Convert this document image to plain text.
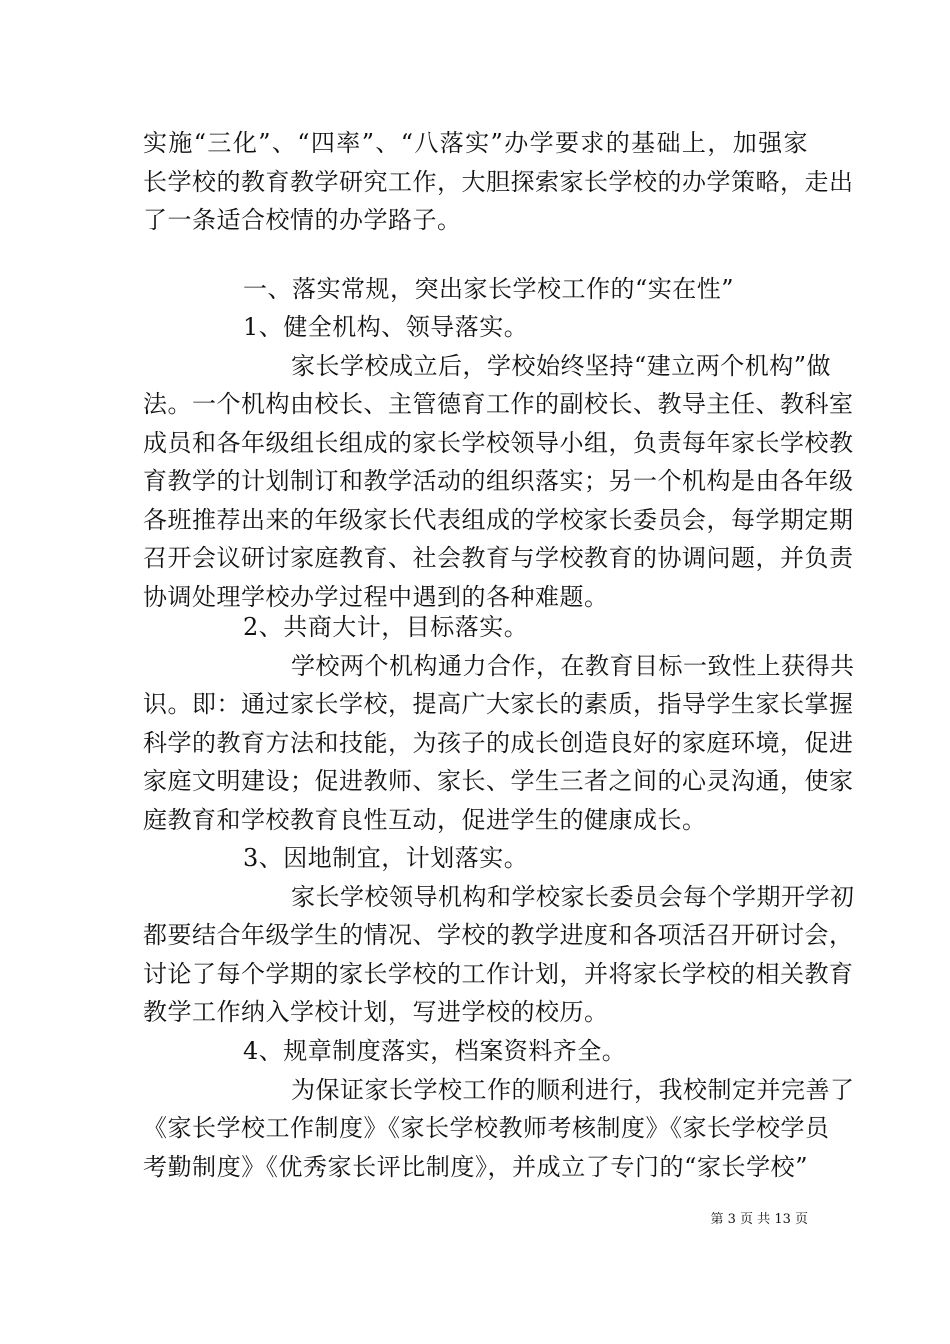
实施“三化”、“四率”、“八落实”办学要求的基础上，加强家
长学校的教育教学研究工作，大胆探索家长学校的办学策略，走出
了一条适合校情的办学路子。
一、落实常规，突出家长学校工作的“实在性”
1、健全机构、领导落实。
家长学校成立后，学校始终坚持“建立两个机构”做
法。一个机构由校长、主管德育工作的副校长、教导主任、教科室
成员和各年级组长组成的家长学校领导小组，负责每年家长学校教
育教学的计划制订和教学活动的组织落实；另一个机构是由各年级
各班推荐出来的年级家长代表组成的学校家长委员会，每学期定期
召开会议研讨家庭教育、社会教育与学校教育的协调问题，并负责
协调处理学校办学过程中遇到的各种难题。
2、共商大计，目标落实。
学校两个机构通力合作，在教育目标一致性上获得共
识。即：通过家长学校，提高广大家长的素质，指导学生家长掌握
科学的教育方法和技能，为孩子的成长创造良好的家庭环境，促进
家庭文明建设；促进教师、家长、学生三者之间的心灵沟通，使家
庭教育和学校教育良性互动，促进学生的健康成长。
3、因地制宜，计划落实。
家长学校领导机构和学校家长委员会每个学期开学初
都要结合年级学生的情况、学校的教学进度和各项活召开研讨会，
讨论了每个学期的家长学校的工作计划，并将家长学校的相关教育
教学工作纳入学校计划，写进学校的校历。
4、规章制度落实，档案资料齐全。
为保证家长学校工作的顺利进行，我校制定并完善了
《家长学校工作制度》《家长学校教师考核制度》《家长学校学员
考勤制度》《优秀家长评比制度》，并成立了专门的“家长学校”
第 3 页 共 13 页
